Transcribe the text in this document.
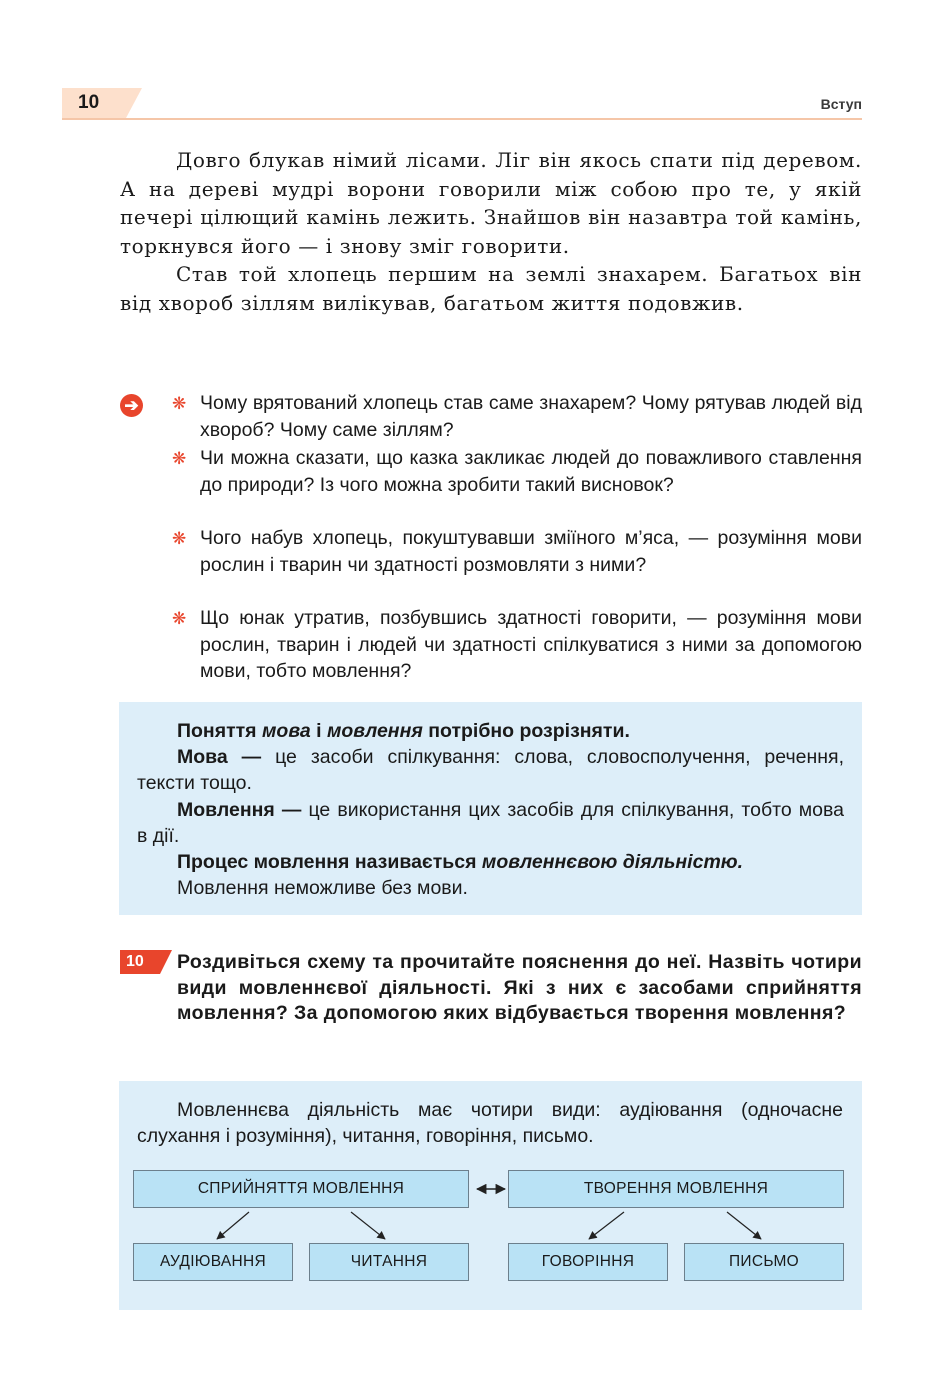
10	Вступ

Довго блукав німий лісами. Ліг він якось спати під деревом. А на дереві мудрі ворони говорили між собою про те, у якій печері цілющий камінь лежить. Знайшов він назавтра той камінь, торкнувся його — і знову зміг говорити.

Став той хлопець першим на землі знахарем. Багатьох він від хвороб зіллям вилікував, багатьом життя подовжив.

➔ ❋ Чому врятований хлопець став саме знахарем? Чому рятував людей від хвороб? Чому саме зіллям?
❋ Чи можна сказати, що казка закликає людей до поважливого ставлення до природи? Із чого можна зробити такий висновок?
❋ Чого набув хлопець, покуштувавши зміїного м’яса, — розуміння мови рослин і тварин чи здатності розмовляти з ними?
❋ Що юнак утратив, позбувшись здатності говорити, — розуміння мови рослин, тварин і людей чи здатності спілкуватися з ними за допомогою мови, тобто мовлення?

Поняття мова і мовлення потрібно розрізняти.

Мова — це засоби спілкування: слова, словосполучення, речення, тексти тощо.

Мовлення — це використання цих засобів для спілкування, тобто мова в дії.

Процес мовлення називається мовленнєвою діяльністю.

Мовлення неможливе без мови.

10 Роздивіться схему та прочитайте пояснення до неї. Назвіть чотири види мовленнєвої діяльності. Які з них є засобами сприйняття мовлення? За допомогою яких відбувається творення мовлення?
Мовленнєва діяльність має чотири види: аудіювання (одночасне слухання і розуміння), читання, говоріння, письмо.
СПРИЙНЯТТЯ МОВЛЕННЯ	ТВОРЕННЯ МОВЛЕННЯ
АУДІЮВАННЯ	ЧИТАННЯ	ГОВОРІННЯ	ПИСЬМО
